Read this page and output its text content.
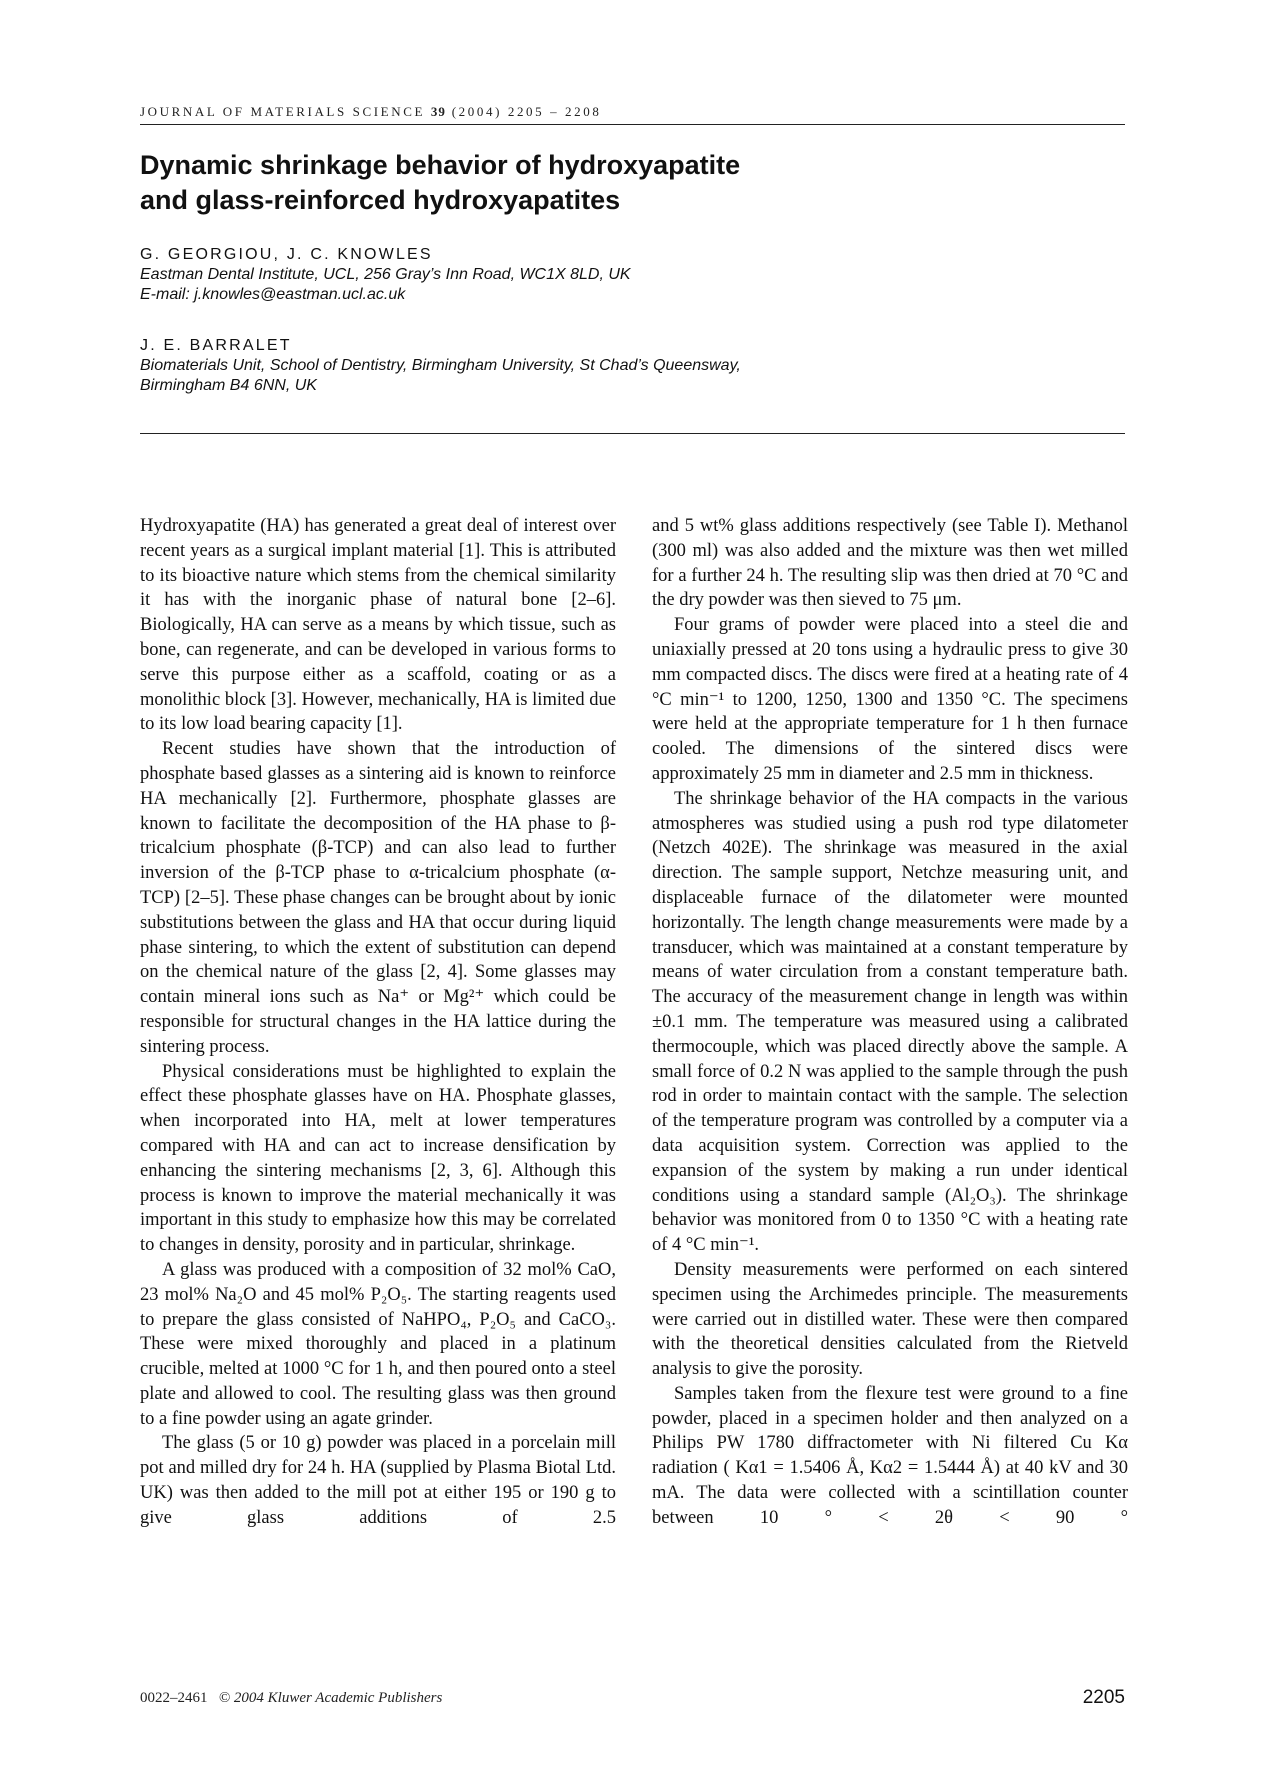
JOURNAL OF MATERIALS SCIENCE 39 (2004) 2205 – 2208
Dynamic shrinkage behavior of hydroxyapatite
and glass-reinforced hydroxyapatites

G. GEORGIOU, J. C. KNOWLES

Eastman Dental Institute, UCL, 256 Gray’s Inn Road, WC1X 8LD, UK

E-mail: j.knowles@eastman.ucl.ac.uk

J. E. BARRALET

Biomaterials Unit, School of Dentistry, Birmingham University, St Chad’s Queensway,

Birmingham B4 6NN, UK

Hydroxyapatite (HA) has generated a great deal of interest over recent years as a surgical implant material [1]. This is attributed to its bioactive nature which stems from the chemical similarity it has with the inorganic phase of natural bone [2–6]. Biologically, HA can serve as a means by which tissue, such as bone, can regenerate, and can be developed in various forms to serve this purpose either as a scaffold, coating or as a monolithic block [3]. However, mechanically, HA is limited due to its low load bearing capacity [1].

Recent studies have shown that the introduction of phosphate based glasses as a sintering aid is known to reinforce HA mechanically [2]. Furthermore, phosphate glasses are known to facilitate the decomposition of the HA phase to β-tricalcium phosphate (β-TCP) and can also lead to further inversion of the β-TCP phase to α-tricalcium phosphate (α-TCP) [2–5]. These phase changes can be brought about by ionic substitutions between the glass and HA that occur during liquid phase sintering, to which the extent of substitution can depend on the chemical nature of the glass [2, 4]. Some glasses may contain mineral ions such as Na⁺ or Mg²⁺ which could be responsible for structural changes in the HA lattice during the sintering process.

Physical considerations must be highlighted to explain the effect these phosphate glasses have on HA. Phosphate glasses, when incorporated into HA, melt at lower temperatures compared with HA and can act to increase densification by enhancing the sintering mechanisms [2, 3, 6]. Although this process is known to improve the material mechanically it was important in this study to emphasize how this may be correlated to changes in density, porosity and in particular, shrinkage.

A glass was produced with a composition of 32 mol% CaO, 23 mol% Na₂O and 45 mol% P₂O₅. The starting reagents used to prepare the glass consisted of NaHPO₄, P₂O₅ and CaCO₃. These were mixed thoroughly and placed in a platinum crucible, melted at 1000 °C for 1 h, and then poured onto a steel plate and allowed to cool. The resulting glass was then ground to a fine powder using an agate grinder.

The glass (5 or 10 g) powder was placed in a porcelain mill pot and milled dry for 24 h. HA (supplied by Plasma Biotal Ltd. UK) was then added to the mill pot at either 195 or 190 g to give glass additions of 2.5

and 5 wt% glass additions respectively (see Table I). Methanol (300 ml) was also added and the mixture was then wet milled for a further 24 h. The resulting slip was then dried at 70 °C and the dry powder was then sieved to 75 μm.

Four grams of powder were placed into a steel die and uniaxially pressed at 20 tons using a hydraulic press to give 30 mm compacted discs. The discs were fired at a heating rate of 4 °C min⁻¹ to 1200, 1250, 1300 and 1350 °C. The specimens were held at the appropriate temperature for 1 h then furnace cooled. The dimensions of the sintered discs were approximately 25 mm in diameter and 2.5 mm in thickness.

The shrinkage behavior of the HA compacts in the various atmospheres was studied using a push rod type dilatometer (Netzch 402E). The shrinkage was measured in the axial direction. The sample support, Netchze measuring unit, and displaceable furnace of the dilatometer were mounted horizontally. The length change measurements were made by a transducer, which was maintained at a constant temperature by means of water circulation from a constant temperature bath. The accuracy of the measurement change in length was within ±0.1 mm. The temperature was measured using a calibrated thermocouple, which was placed directly above the sample. A small force of 0.2 N was applied to the sample through the push rod in order to maintain contact with the sample. The selection of the temperature program was controlled by a computer via a data acquisition system. Correction was applied to the expansion of the system by making a run under identical conditions using a standard sample (Al₂O₃). The shrinkage behavior was monitored from 0 to 1350 °C with a heating rate of 4 °C min⁻¹.

Density measurements were performed on each sintered specimen using the Archimedes principle. The measurements were carried out in distilled water. These were then compared with the theoretical densities calculated from the Rietveld analysis to give the porosity.

Samples taken from the flexure test were ground to a fine powder, placed in a specimen holder and then analyzed on a Philips PW 1780 diffractometer with Ni filtered Cu Kα radiation ( Kα1 = 1.5406 Å, Kα2 = 1.5444 Å) at 40 kV and 30 mA. The data were collected with a scintillation counter between 10 ° < 2θ < 90 °

0022–2461 © 2004 Kluwer Academic Publishers	2205
